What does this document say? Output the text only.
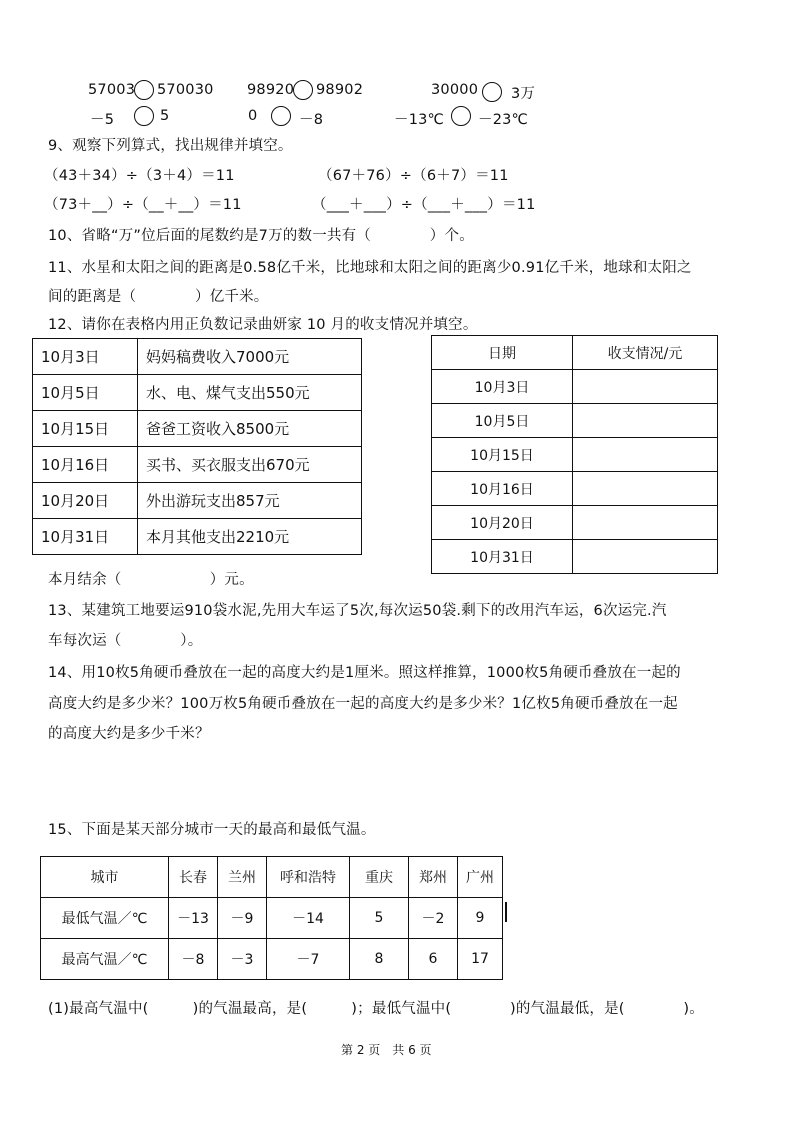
57003 570030 98920 98902	30000 3万
－5	5	0	－8	－13℃ －23℃
9、观察下列算式，找出规律并填空。
（43＋34）÷（3＋4）＝11	（67＋76）÷（6＋7）＝11
（73＋__）÷（__＋__）＝11	（___＋___）÷（___＋___）＝11
10、省略“万”位后面的尾数约是7万的数一共有（　　　　）个。
11、水星和太阳之间的距离是0.58亿千米，比地球和太阳之间的距离少0.91亿千米，地球和太阳之
间的距离是（　　　　）亿千米。
12、请你在表格内用正负数记录曲妍家 10 月的收支情况并填空。
10月3日	妈妈稿费收入7000元
10月5日	水、电、煤气支出550元
10月15日	爸爸工资收入8500元
10月16日	买书、买衣服支出670元
10月20日	外出游玩支出857元
10月31日	本月其他支出2210元
日期	收支情况/元
10月3日	
10月5日	
10月15日	
10月16日	
10月20日	
10月31日	
本月结余（　　　　　　）元。
13、某建筑工地要运910袋水泥,先用大车运了5次,每次运50袋.剩下的改用汽车运，6次运完.汽
车每次运（　　　　）。
14、用10枚5角硬币叠放在一起的高度大约是1厘米。照这样推算，1000枚5角硬币叠放在一起的
高度大约是多少米？100万枚5角硬币叠放在一起的高度大约是多少米？1亿枚5角硬币叠放在一起
的高度大约是多少千米？
15、下面是某天部分城市一天的最高和最低气温。
城市	长春	兰州	呼和浩特	重庆	郑州	广州
最低气温／℃	－13	－9	－14	5	－2	9
最高气温／℃	－8	－3	－7	8	6	17
(1)最高气温中(　　　)的气温最高，是(　　　)；最低气温中(　　　　)的气温最低，是(　　　　)。
第 2 页　共 6 页
